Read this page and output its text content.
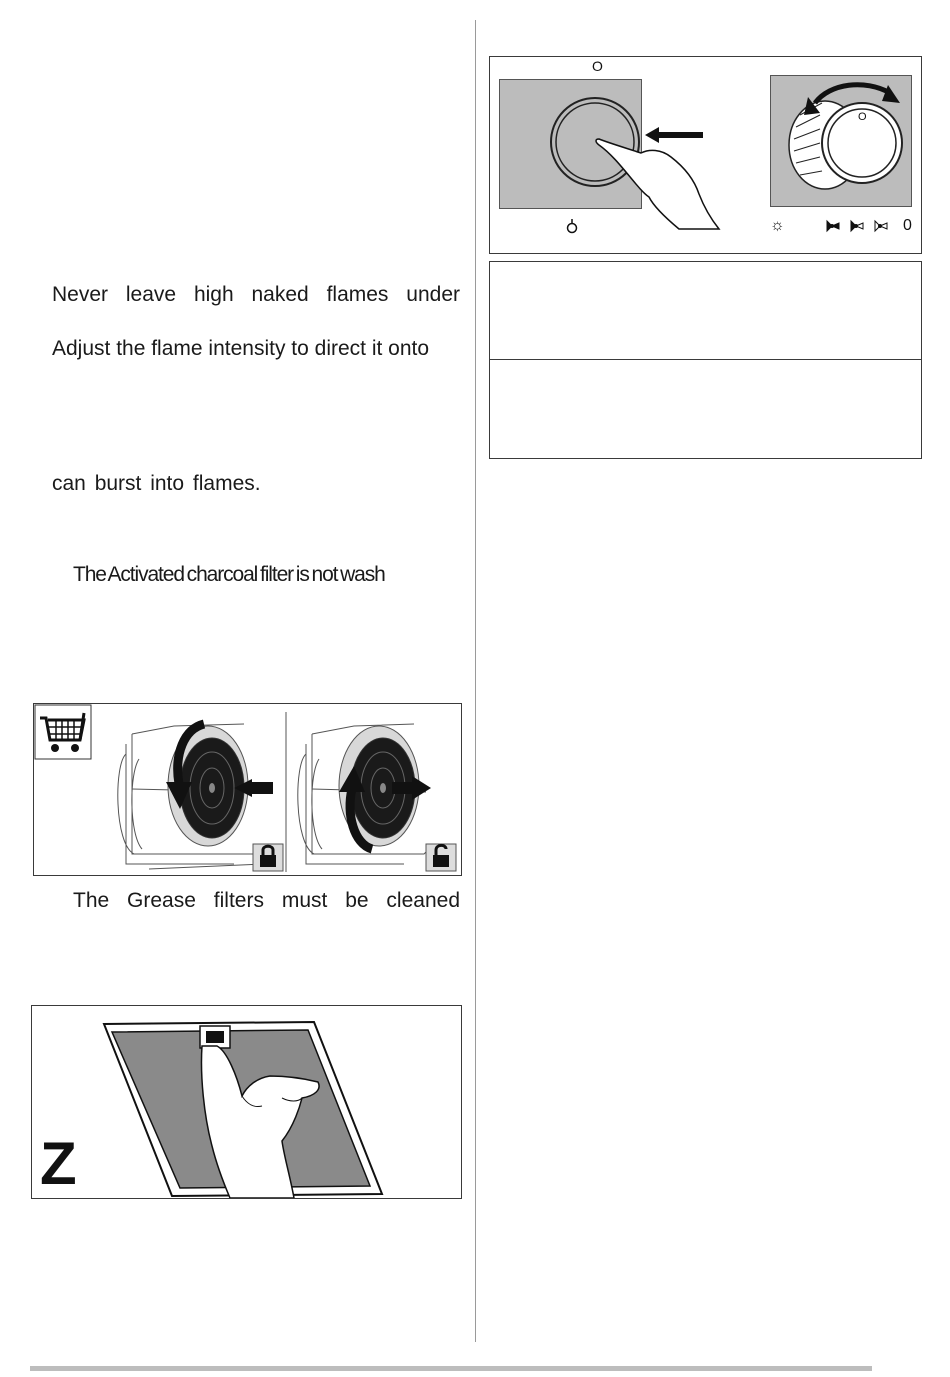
Never leave high naked flames under
Adjust the flame intensity to direct it onto
can burst into flames.
The Activated charcoal filter is not wash
The Grease filters must be cleaned
Z
O
O
☼	0
